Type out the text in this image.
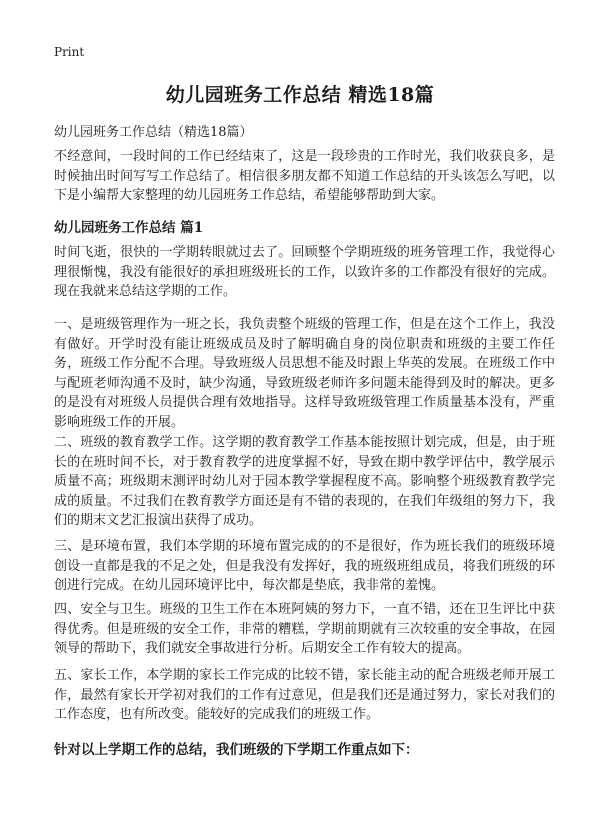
Print
幼儿园班务工作总结 精选18篇
幼儿园班务工作总结（精选18篇）

不经意间，一段时间的工作已经结束了，这是一段珍贵的工作时光，我们收获良多，是时候抽出时间写写工作总结了。相信很多朋友都不知道工作总结的开头该怎么写吧，以下是小编帮大家整理的幼儿园班务工作总结，希望能够帮助到大家。

幼儿园班务工作总结 篇1

时间飞逝，很快的一学期转眼就过去了。回顾整个学期班级的班务管理工作，我觉得心理很惭愧，我没有能很好的承担班级班长的工作，以致许多的工作都没有很好的完成。现在我就来总结这学期的工作。

一、是班级管理作为一班之长，我负责整个班级的管理工作，但是在这个工作上，我没有做好。开学时没有能让班级成员及时了解明确自身的岗位职责和班级的主要工作任务，班级工作分配不合理。导致班级人员思想不能及时跟上华英的发展。在班级工作中与配班老师沟通不及时，缺少沟通，导致班级老师许多问题未能得到及时的解决。更多的是没有对班级人员提供合理有效地指导。这样导致班级管理工作质量基本没有，严重影响班级工作的开展。

二、班级的教育教学工作。这学期的教育教学工作基本能按照计划完成，但是，由于班长的在班时间不长，对于教育教学的进度掌握不好，导致在期中教学评估中，教学展示质量不高；班级期末测评时幼儿对于园本教学掌握程度不高。影响整个班级教育教学完成的质量。不过我们在教育教学方面还是有不错的表现的，在我们年级组的努力下，我们的期末文艺汇报演出获得了成功。

三、是环境布置，我们本学期的环境布置完成的的不是很好，作为班长我们的班级环境创设一直都是我的不足之处，但是我没有发挥好，我的班级班组成员，将我们班级的环创进行完成。在幼儿园环境评比中，每次都是垫底，我非常的羞愧。

四、安全与卫生。班级的卫生工作在本班阿姨的努力下，一直不错，还在卫生评比中获得优秀。但是班级的安全工作，非常的糟糕，学期前期就有三次较重的安全事故，在园领导的帮助下，我们就安全事故进行分析。后期安全工作有较大的提高。

五、家长工作，本学期的家长工作完成的比较不错，家长能主动的配合班级老师开展工作，最然有家长开学初对我们的工作有过意见，但是我们还是通过努力，家长对我们的工作态度，也有所改变。能较好的完成我们的班级工作。

针对以上学期工作的总结，我们班级的下学期工作重点如下：
